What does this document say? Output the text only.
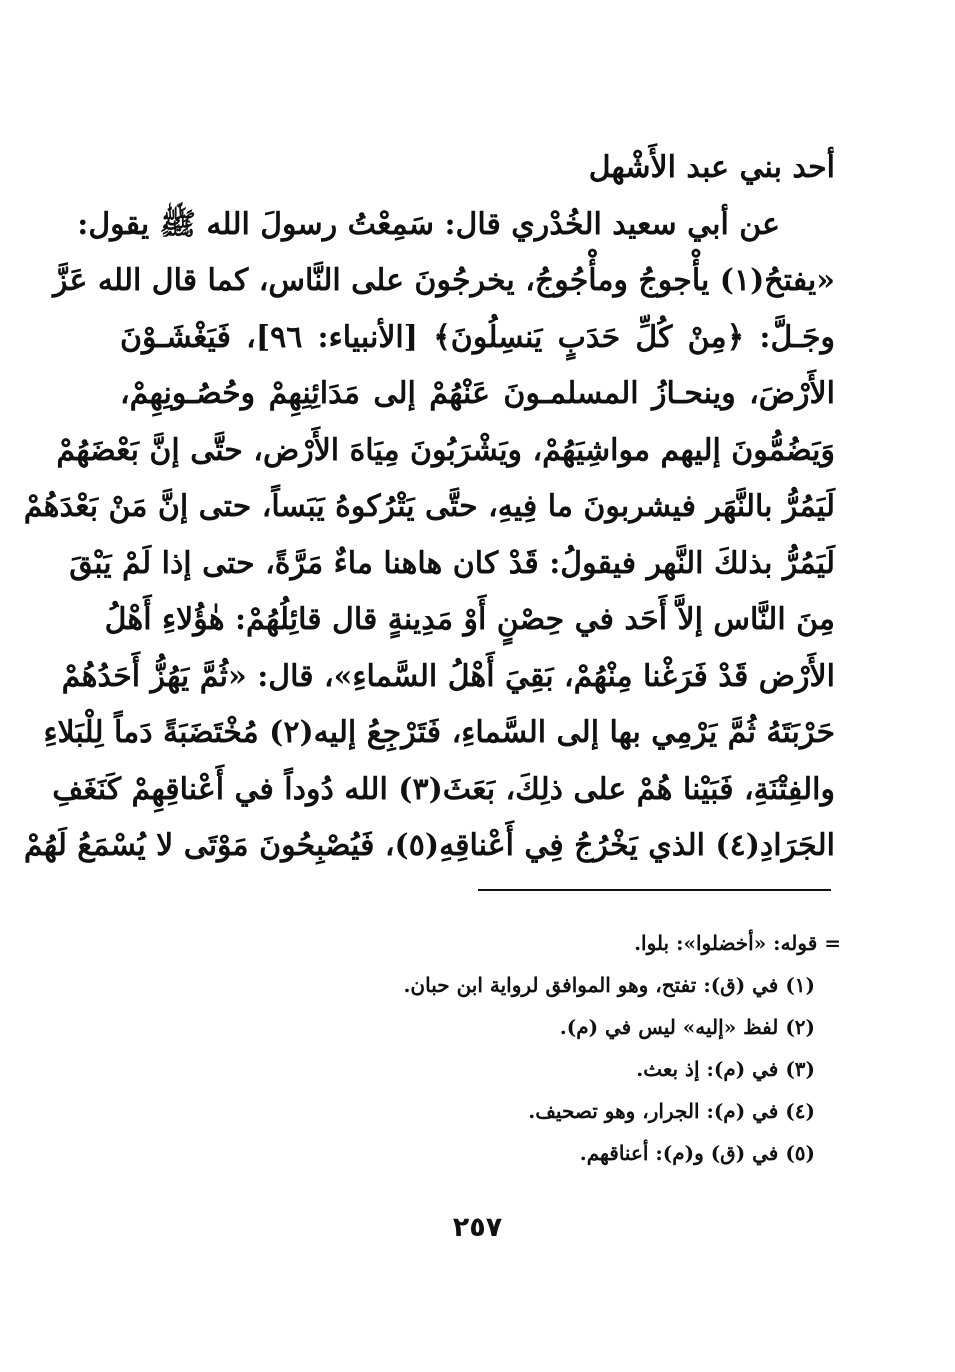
أحد بني عبد الأَشْهل
عن أبي سعيد الخُدْري قال: سَمِعْتُ رسولَ الله ﷺ يقول:
«يفتحُ(١) يأْجوجُ ومأْجُوجُ، يخرجُونَ على النَّاس، كما قال الله عَزَّ
وجَـلَّ: ﴿مِنْ كُلِّ حَدَبٍ يَنسِلُونَ﴾ [الأنبياء: ٩٦]، فَيَغْشَـوْنَ
الأَرْضَ، وينحـازُ المسلمـونَ عَنْهُمْ إلى مَدَائِنِهِمْ وحُصُـونِهِمْ،
وَيَضُمُّونَ إليهم مواشِيَهُمْ، ويَشْرَبُونَ مِيَاهَ الأَرْض، حتَّى إنَّ بَعْضَهُمْ
لَيَمُرُّ بالنَّهَر فيشربونَ ما فِيهِ، حتَّى يَتْرُكوهُ يَبَساً، حتى إنَّ مَنْ بَعْدَهُمْ
لَيَمُرُّ بذلكَ النَّهر فيقولُ: قَدْ كان هاهنا ماءٌ مَرَّةً، حتى إذا لَمْ يَبْقَ
مِنَ النَّاس إلاَّ أَحَد في حِصْنٍ أَوْ مَدِينةٍ قال قائِلُهُمْ: هٰؤُلاءِ أَهْلُ
الأَرْض قَدْ فَرَغْنا مِنْهُمْ، بَقِيَ أَهْلُ السَّماءِ»، قال: «ثُمَّ يَهُزُّ أَحَدُهُمْ
حَرْبَتَهُ ثُمَّ يَرْمِي بها إلى السَّماءِ، فَتَرْجِعُ إليه(٢) مُخْتَضَبَةً دَماً لِلْبَلاءِ
والفِتْنَةِ، فَبَيْنا هُمْ على ذلِكَ، بَعَثَ(٣) الله دُوداً في أَعْناقِهِمْ كَنَغَفِ
الجَرَادِ(٤) الذي يَخْرُجُ فِي أَعْناقِهِ(٥)، فَيُصْبِحُونَ مَوْتَى لا يُسْمَعُ لَهُمْ
= قوله: «أخضلوا»: بلوا.
(١) في (ق): تفتح، وهو الموافق لرواية ابن حبان.
(٢) لفظ «إليه» ليس في (م).
(٣) في (م): إذ بعث.
(٤) في (م): الجرار، وهو تصحيف.
(٥) في (ق) و(م): أعناقهم.
٢٥٧
